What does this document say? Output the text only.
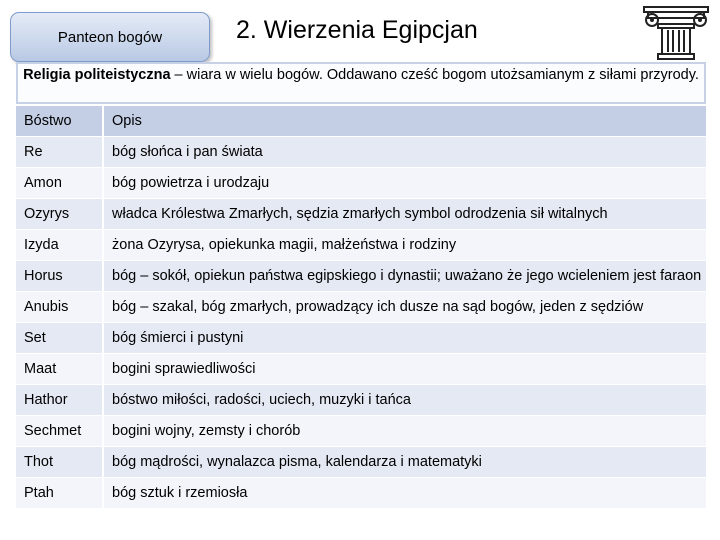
Panteon bogów	2. Wierzenia Egipcjan
Religia politeistyczna – wiara w wielu bogów. Oddawano cześć bogom utożsamianym z siłami przyrody.
Bóstwo	Opis
Re	bóg słońca i pan świata
Amon	bóg powietrza i urodzaju
Ozyrys	władca Królestwa Zmarłych, sędzia zmarłych symbol odrodzenia sił witalnych
Izyda	żona Ozyrysa, opiekunka magii, małżeństwa i rodziny
Horus	bóg – sokół, opiekun państwa egipskiego i dynastii; uważano że jego wcieleniem jest faraon
Anubis	bóg – szakal, bóg zmarłych, prowadzący ich dusze na sąd bogów, jeden z sędziów
Set	bóg śmierci i pustyni
Maat	bogini sprawiedliwości
Hathor	bóstwo miłości, radości, uciech, muzyki i tańca
Sechmet	bogini wojny, zemsty i chorób
Thot	bóg mądrości, wynalazca pisma, kalendarza i matematyki
Ptah	bóg sztuk i rzemiosła
